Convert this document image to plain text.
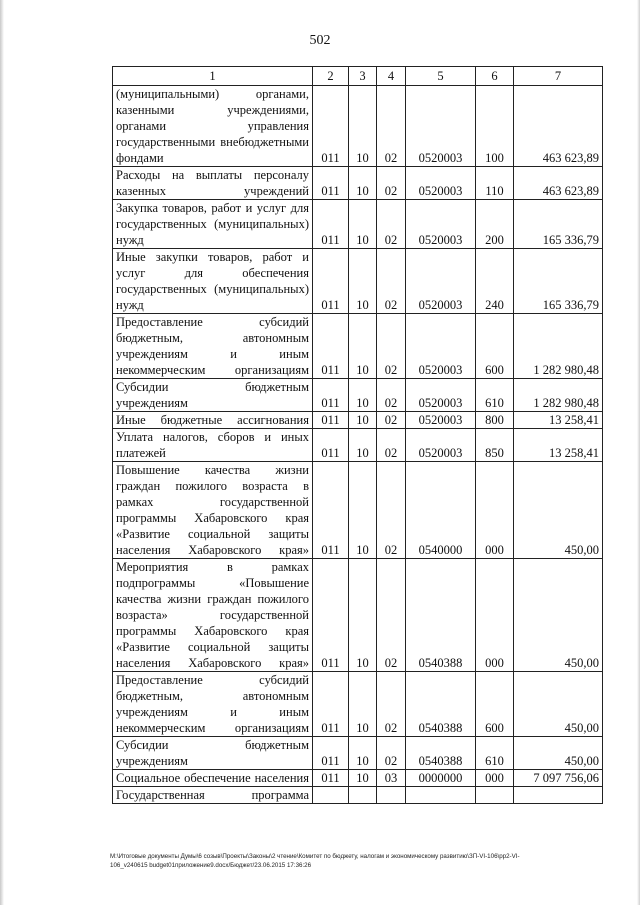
502
1	2	3	4	5	6	7
(муниципальными) органами, казенными учреждениями, органами управления государственными внебюджетными фондами	011	10	02	0520003	100	463 623,89
Расходы на выплаты персоналу казенных учреждений	011	10	02	0520003	110	463 623,89
Закупка товаров, работ и услуг для государственных (муниципальных) нужд	011	10	02	0520003	200	165 336,79
Иные закупки товаров, работ и услуг для обеспечения государственных (муниципальных) нужд	011	10	02	0520003	240	165 336,79
Предоставление субсидий бюджетным, автономным учреждениям и иным некоммерческим организациям	011	10	02	0520003	600	1 282 980,48
Субсидии бюджетным учреждениям	011	10	02	0520003	610	1 282 980,48
Иные бюджетные ассигнования	011	10	02	0520003	800	13 258,41
Уплата налогов, сборов и иных платежей	011	10	02	0520003	850	13 258,41
Повышение качества жизни граждан пожилого возраста в рамках государственной программы Хабаровского края «Развитие социальной защиты населения Хабаровского края»	011	10	02	0540000	000	450,00
Мероприятия в рамках подпрограммы «Повышение качества жизни граждан пожилого возраста» государственной программы Хабаровского края «Развитие социальной защиты населения Хабаровского края»	011	10	02	0540388	000	450,00
Предоставление субсидий бюджетным, автономным учреждениям и иным некоммерческим организациям	011	10	02	0540388	600	450,00
Субсидии бюджетным учреждениям	011	10	02	0540388	610	450,00
Социальное обеспечение населения	011	10	03	0000000	000	7 097 756,06
Государственная программа						
M:\Итоговые документы Думы\6 созыв\Проекты\Законы\2 чтение\Комитет по бюджету, налогам и экономическому развитию\ЗП-VI-106\рр2-VI-
106_v240615 budget01приложение9.docx/Бюджет/23.06.2015 17:36:26
